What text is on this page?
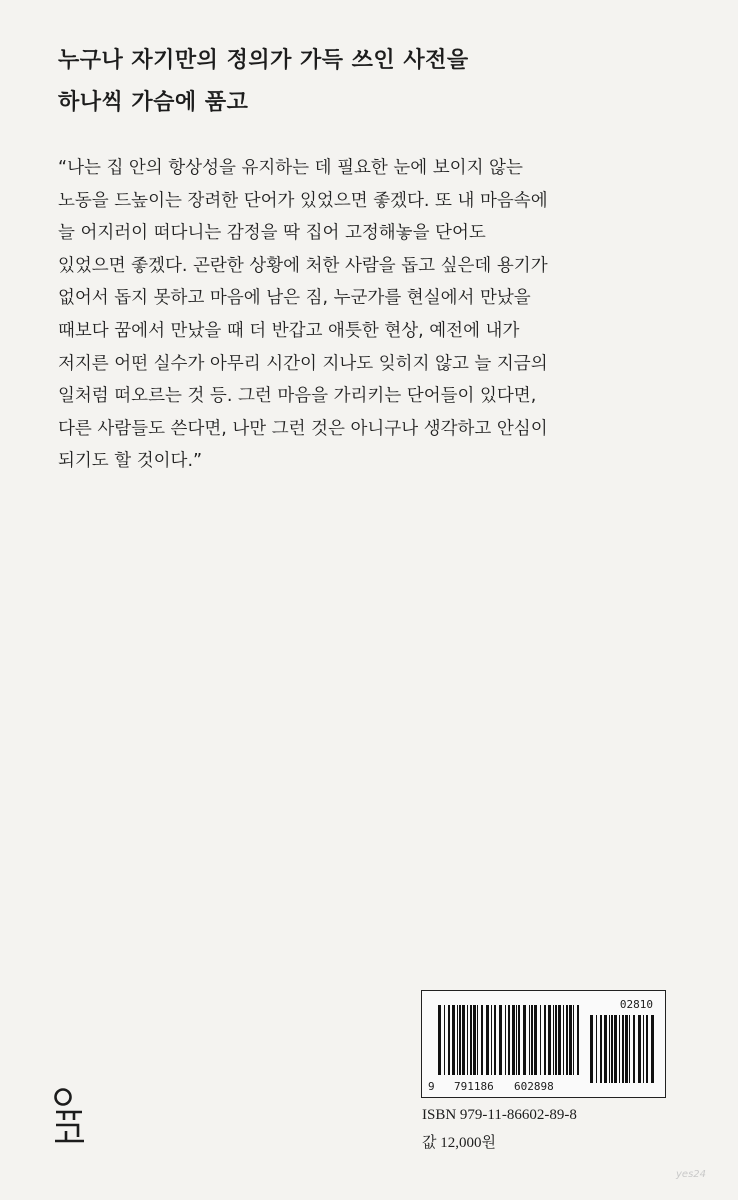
누구나 자기만의 정의가 가득 쓰인 사전을
하나씩 가슴에 품고
“나는 집 안의 항상성을 유지하는 데 필요한 눈에 보이지 않는
노동을 드높이는 장려한 단어가 있었으면 좋겠다. 또 내 마음속에
늘 어지러이 떠다니는 감정을 딱 집어 고정해놓을 단어도
있었으면 좋겠다. 곤란한 상황에 처한 사람을 돕고 싶은데 용기가
없어서 돕지 못하고 마음에 남은 짐, 누군가를 현실에서 만났을
때보다 꿈에서 만났을 때 더 반갑고 애틋한 현상, 예전에 내가
저지른 어떤 실수가 아무리 시간이 지나도 잊히지 않고 늘 지금의
일처럼 떠오르는 것 등. 그런 마음을 가리키는 단어들이 있다면,
다른 사람들도 쓴다면, 나만 그런 것은 아니구나 생각하고 안심이
되기도 할 것이다.”
02810
9 791186 602898
ISBN 979-11-86602-89-8
값 12,000원
yes24
